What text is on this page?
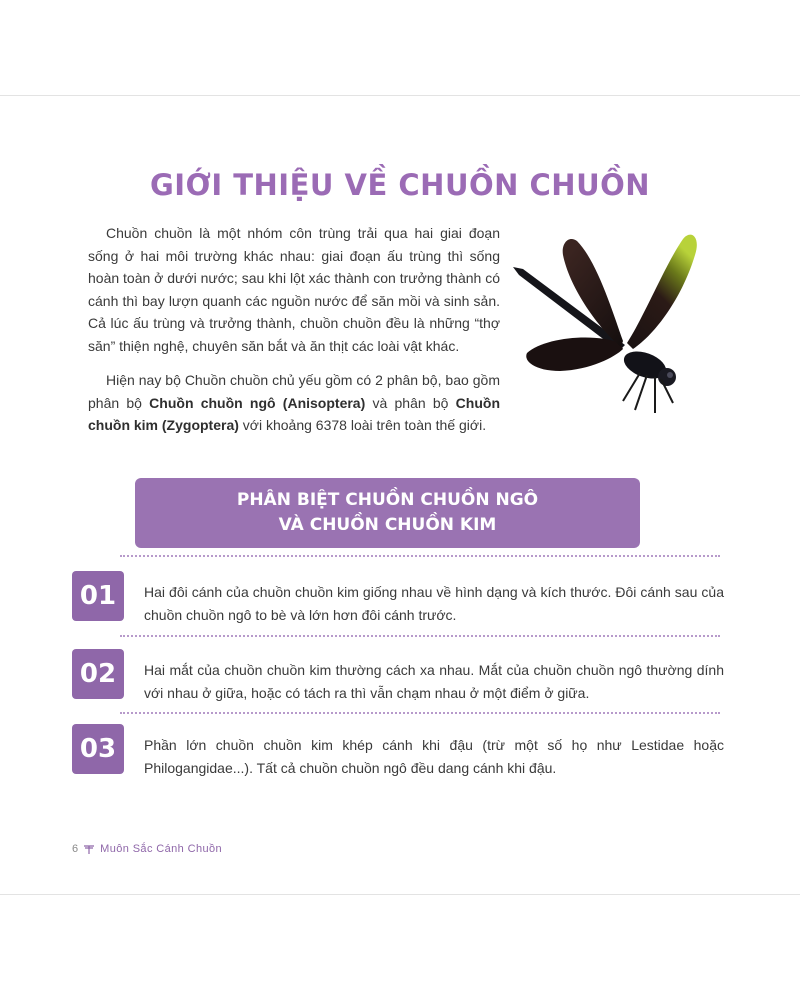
GIỚI THIỆU VỀ CHUỒN CHUỒN

Chuồn chuồn là một nhóm côn trùng trải qua hai giai đoạn sống ở hai môi trường khác nhau: giai đoạn ấu trùng thì sống hoàn toàn ở dưới nước; sau khi lột xác thành con trưởng thành có cánh thì bay lượn quanh các nguồn nước để săn mồi và sinh sản. Cả lúc ấu trùng và trưởng thành, chuồn chuồn đều là những “thợ săn” thiện nghệ, chuyên săn bắt và ăn thịt các loài vật khác.

Hiện nay bộ Chuồn chuồn chủ yếu gồm có 2 phân bộ, bao gồm phân bộ Chuồn chuồn ngô (Anisoptera) và phân bộ Chuồn chuồn kim (Zygoptera) với khoảng 6378 loài trên toàn thế giới.

PHÂN BIỆT CHUỒN CHUỒN NGÔ
VÀ CHUỒN CHUỒN KIM
01	Hai đôi cánh của chuồn chuồn kim giống nhau về hình dạng và kích thước. Đôi cánh sau của chuồn chuồn ngô to bè và lớn hơn đôi cánh trước.
02	Hai mắt của chuồn chuồn kim thường cách xa nhau. Mắt của chuồn chuồn ngô thường dính với nhau ở giữa, hoặc có tách ra thì vẫn chạm nhau ở một điểm ở giữa.
03	Phần lớn chuồn chuồn kim khép cánh khi đậu (trừ một số họ như Lestidae hoặc Philogangidae...). Tất cả chuồn chuồn ngô đều dang cánh khi đậu.
6 Muôn Sắc Cánh Chuồn
